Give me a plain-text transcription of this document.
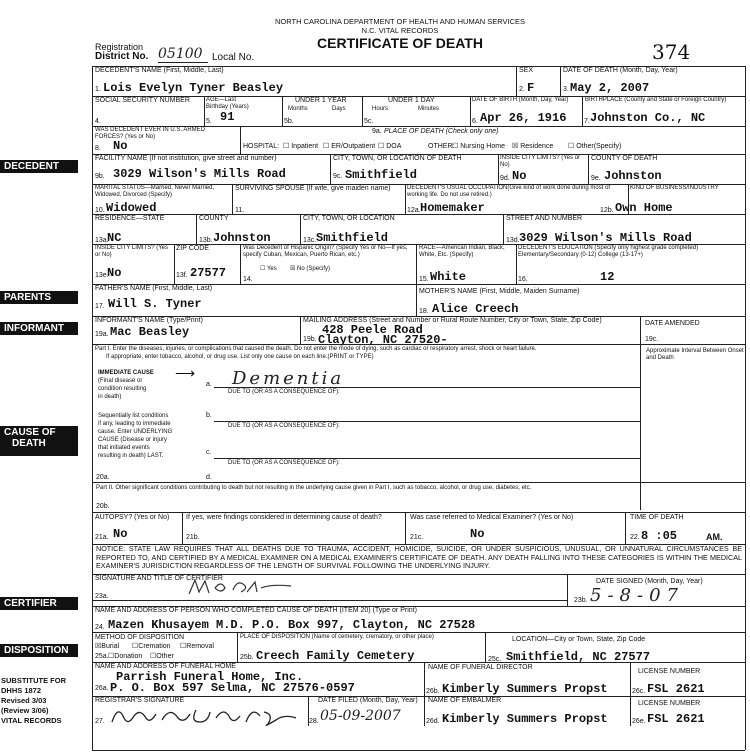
NORTH CAROLINA DEPARTMENT OF HEALTH AND HUMAN SERVICES
N.C. VITAL RECORDS
CERTIFICATE OF DEATH
Registration
District No. 05100 Local No.	374
DECEDENT
PARENTS
INFORMANT
CAUSE OF
DEATH
CERTIFIER
DISPOSITION
SUBSTITUTE FOR
DHHS 1872
Revised 3/03
(Review 3/06)
VITAL RECORDS
DECEDENT'S NAME (First, Middle, Last)
1. Lois Evelyn Tyner Beasley
SEX
2. F
DATE OF DEATH (Month, Day, Year)
3. May 2, 2007
SOCIAL SECURITY NUMBER
4.
AGE—Last Birthday (Years)
5. 91
UNDER 1 YEAR
Months	Days
5b.
UNDER 1 DAY
Hours	Minutes
5c.
DATE OF BIRTH (Month, Day, Year)
6. Apr 26, 1916
BIRTHPLACE (County and State or Foreign Country)
7. Johnston Co., NC
WAS DECEDENT EVER IN U.S. ARMED FORCES? (Yes or No)
8. No
9a. PLACE OF DEATH (Check only one)
HOSPITAL: ☐ Inpatient ☐ ER/Outpatient ☐ DOA	OTHER:
☐ Nursing Home ☒ Residence ☐ Other(Specify)
FACILITY NAME (If not institution, give street and number)
9b. 3029 Wilson's Mills Road
CITY, TOWN, OR LOCATION OF DEATH
9c. Smithfield
INSIDE CITY LIMITS? (Yes or No)
9d. No
COUNTY OF DEATH
9e. Johnston
MARITAL STATUS—Married, Never Married, Widowed, Divorced (Specify)
10. Widowed
SURVIVING SPOUSE (If wife, give maiden name)
11.
DECEDENT'S USUAL OCCUPATION(Give kind of work done during most of working life. Do not use retired.)
12a. Homemaker
KIND OF BUSINESS/INDUSTRY
12b. Own Home
RESIDENCE—STATE
13a.
NC
COUNTY
13b. Johnston
CITY, TOWN, OR LOCATION
13c. Smithfield
STREET AND NUMBER
13d. 3029 Wilson's Mills Road
INSIDE CITY LIMITS? (Yes or No)
13e.
No
ZIP CODE
13f. 27577
Was Decedent of Hispanic Origin? (Specify Yes or No—If yes, specify Cuban, Mexican, Puerto Rican, etc.)
☐ Yes ☒ No (Specify)
14.
RACE—American Indian, Black, White, Etc. (Specify)
15. White
DECEDENT'S EDUCATION (Specify only highest grade completed) Elementary/Secondary (0-12) College (13-17+)
16.	12
FATHER'S NAME (First, Middle, Last)
17. Will S. Tyner
MOTHER'S NAME (First, Middle, Maiden Surname)
18. Alice Creech
INFORMANT'S NAME (Type/Print)
19a. Mac Beasley
MAILING ADDRESS (Street and Number or Rural Route Number, City or Town, State, Zip Code)
428 Peele Road
19b. Clayton, NC 27520-
DATE AMENDED
19c.
Part I. Enter the diseases, injuries, or complications that caused the death. Do not enter the mode of dying, such as cardiac or respiratory arrest, shock or heart failure.
If appropriate, enter tobacco, alcohol, or drug use. List only one cause on each line.(PRINT or TYPE)
Approximate Interval Between Onset and Death
IMMEDIATE CAUSE ⟶
(Final disease or
condition resulting
in death)
a. Dementia
DUE TO (OR AS A CONSEQUENCE OF):
Sequentially list conditions
if any, leading to immediate
cause. Enter UNDERLYING
CAUSE (Disease or injury
that initiated events
resulting in death) LAST.
b.
DUE TO (OR AS A CONSEQUENCE OF):
c.
DUE TO (OR AS A CONSEQUENCE OF):
20a.	d.
Part II. Other significant conditions contributing to death but not resulting in the underlying cause given in Part I, such as tobacco, alcohol, or drug use, diabetes, etc.
20b.
AUTOPSY? (Yes or No)
21a. No
If yes, were findings considered in determining cause of death?
21b.
Was case referred to Medical Examiner? (Yes or No)
21c.	No
TIME OF DEATH
22. 8 :05	AM.
NOTICE: STATE LAW REQUIRES THAT ALL DEATHS DUE TO TRAUMA, ACCIDENT, HOMICIDE, SUICIDE, OR UNDER SUSPICIOUS, UNUSUAL, OR UNNATURAL CIRCUMSTANCES BE REPORTED TO, AND CERTIFIED BY A MEDICAL EXAMINER ON A MEDICAL EXAMINER'S CERTIFICATE OF DEATH. ANY DEATH FALLING INTO THESE CATEGORIES IS WITHIN THE MEDICAL EXAMINER'S JURISDICTION REGARDLESS OF THE LENGTH OF SURVIVAL FOLLOWING THE UNDERLYING INJURY.
SIGNATURE AND TITLE OF CERTIFIER
23a.
DATE SIGNED (Month, Day, Year)
23b. 5-8-07
NAME AND ADDRESS OF PERSON WHO COMPLETED CAUSE OF DEATH (ITEM 20) (Type or Print)
24. Mazen Khusayem M.D. P.O. Box 997, Clayton, NC 27528
METHOD OF DISPOSITION
☒Burial ☐Cremation ☐Removal
25a. ☐Donation ☐Other
PLACE OF DISPOSITION (Name of cemetery, crematory, or other place)
25b. Creech Family Cemetery
LOCATION—City or Town, State, Zip Code
25c. Smithfield, NC 27577
NAME AND ADDRESS OF FUNERAL HOME
Parrish Funeral Home, Inc.
26a. P. O. Box 597 Selma, NC 27576-0597
NAME OF FUNERAL DIRECTOR
26b. Kimberly Summers Propst
LICENSE NUMBER
26c. FSL 2621
REGISTRAR'S SIGNATURE
27.
DATE FILED (Month, Day, Year)
28. 05-09-2007
NAME OF EMBALMER
26d. Kimberly Summers Propst
LICENSE NUMBER
26e. FSL 2621
